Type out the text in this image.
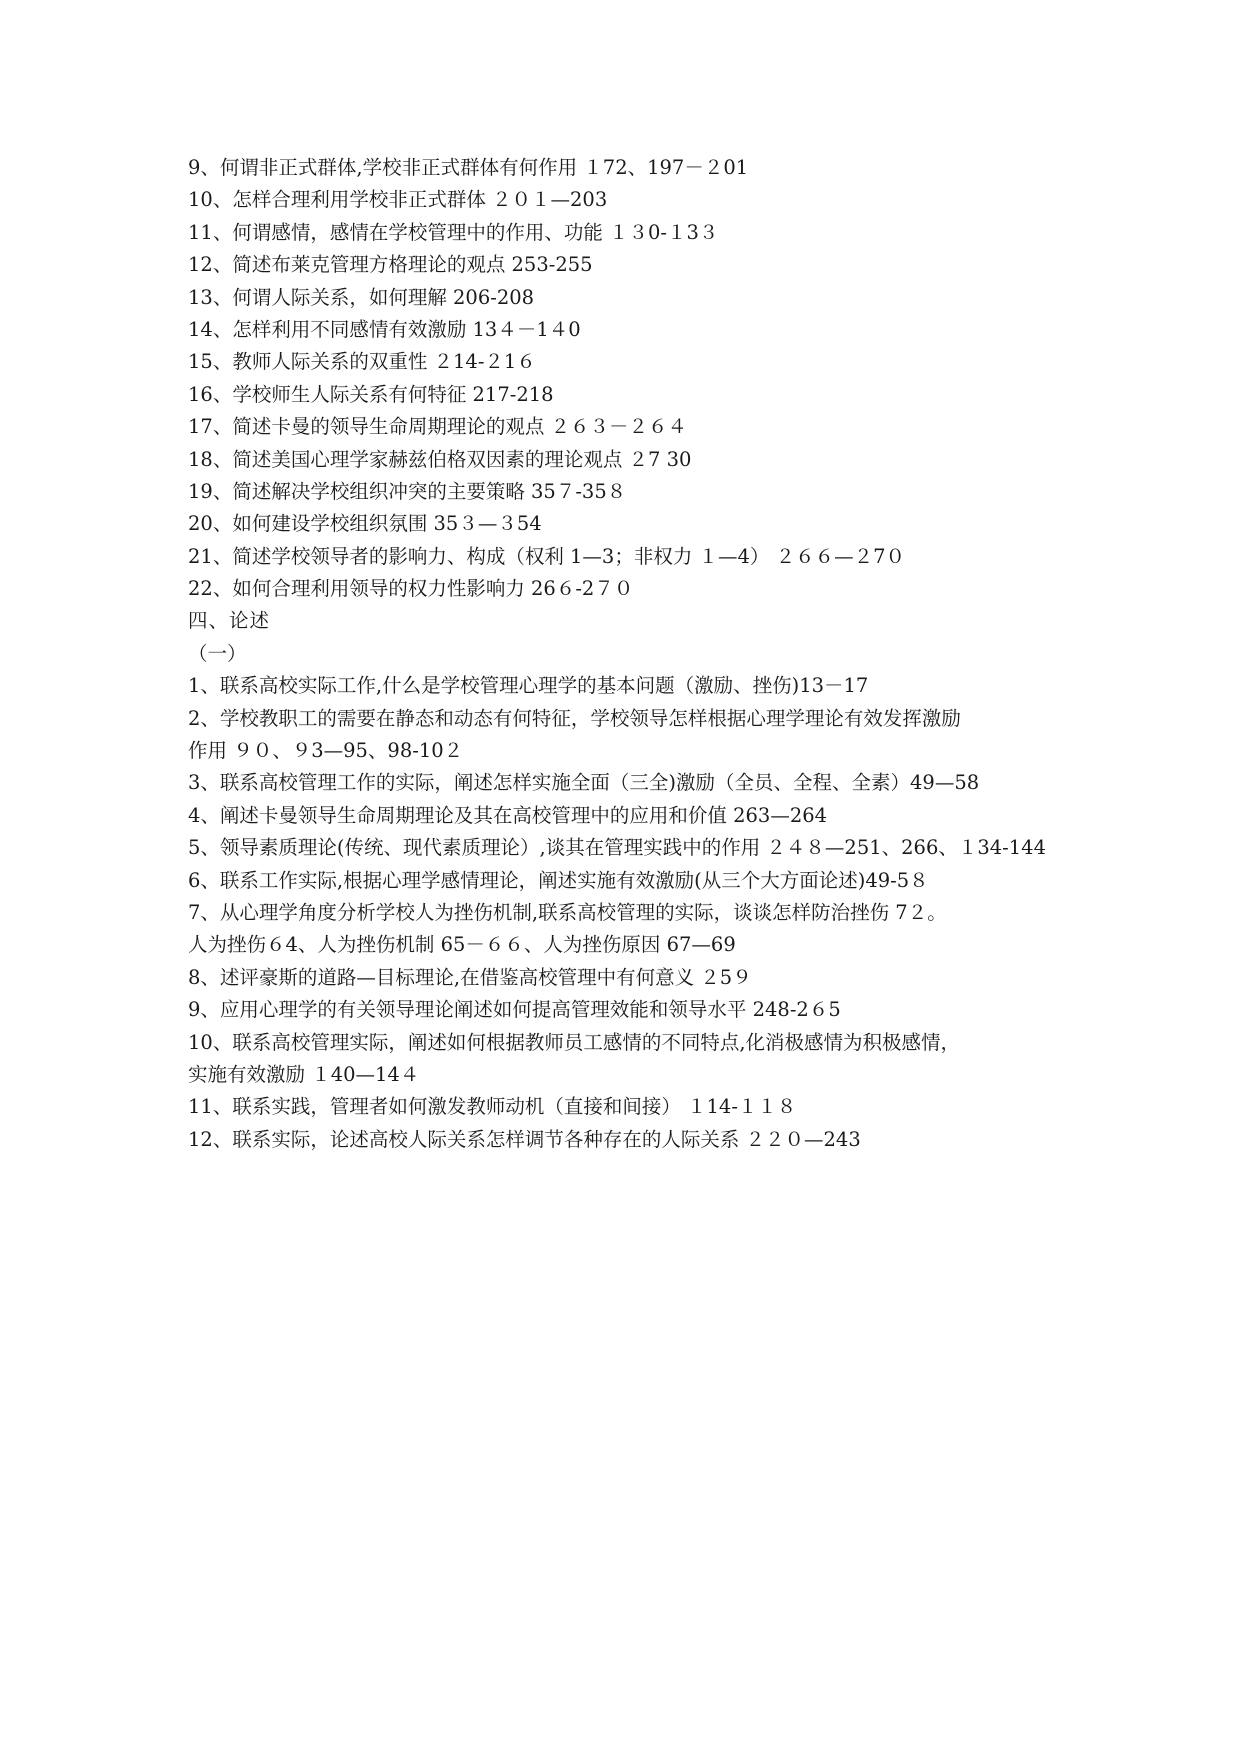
9、何谓非正式群体,学校非正式群体有何作用 １72、197－２01

10、怎样合理利用学校非正式群体 ２０１—203

11、何谓感情，感情在学校管理中的作用、功能 １３0-１3３

12、简述布莱克管理方格理论的观点 253-255

13、何谓人际关系，如何理解 206-208

14、怎样利用不同感情有效激励 13４－1４0

15、教师人际关系的双重性 ２14-２1６

16、学校师生人际关系有何特征 217-218

17、简述卡曼的领导生命周期理论的观点 ２６３－２６４

18、简述美国心理学家赫兹伯格双因素的理论观点 ２7 30

19、简述解决学校组织冲突的主要策略 35７-35８

20、如何建设学校组织氛围 35３—３54

21、简述学校领导者的影响力、构成（权利 1—3；非权力 １—4） ２６６—２7０

22、如何合理利用领导的权力性影响力 26６-2７０

四、论述

（一）

1、联系高校实际工作,什么是学校管理心理学的基本问题（激励、挫伤)13－17

2、学校教职工的需要在静态和动态有何特征，学校领导怎样根据心理学理论有效发挥激励

作用 ９０、９3—95、98-10２

3、联系高校管理工作的实际，阐述怎样实施全面（三全)激励（全员、全程、全素）49—58

4、阐述卡曼领导生命周期理论及其在高校管理中的应用和价值 263—264

5、领导素质理论(传统、现代素质理论）,谈其在管理实践中的作用 ２４８—251、266、１34-144

6、联系工作实际,根据心理学感情理论，阐述实施有效激励(从三个大方面论述)49-5８

7、从心理学角度分析学校人为挫伤机制,联系高校管理的实际，谈谈怎样防治挫伤 7２。

人为挫伤６4、人为挫伤机制 65－６６、人为挫伤原因 67—69

8、述评豪斯的道路—目标理论,在借鉴高校管理中有何意义 ２5９

9、应用心理学的有关领导理论阐述如何提高管理效能和领导水平 248-2６5

10、联系高校管理实际，阐述如何根据教师员工感情的不同特点,化消极感情为积极感情，

实施有效激励 １40—14４

11、联系实践，管理者如何激发教师动机（直接和间接） １14-１１８

12、联系实际，论述高校人际关系怎样调节各种存在的人际关系 ２２０—243
